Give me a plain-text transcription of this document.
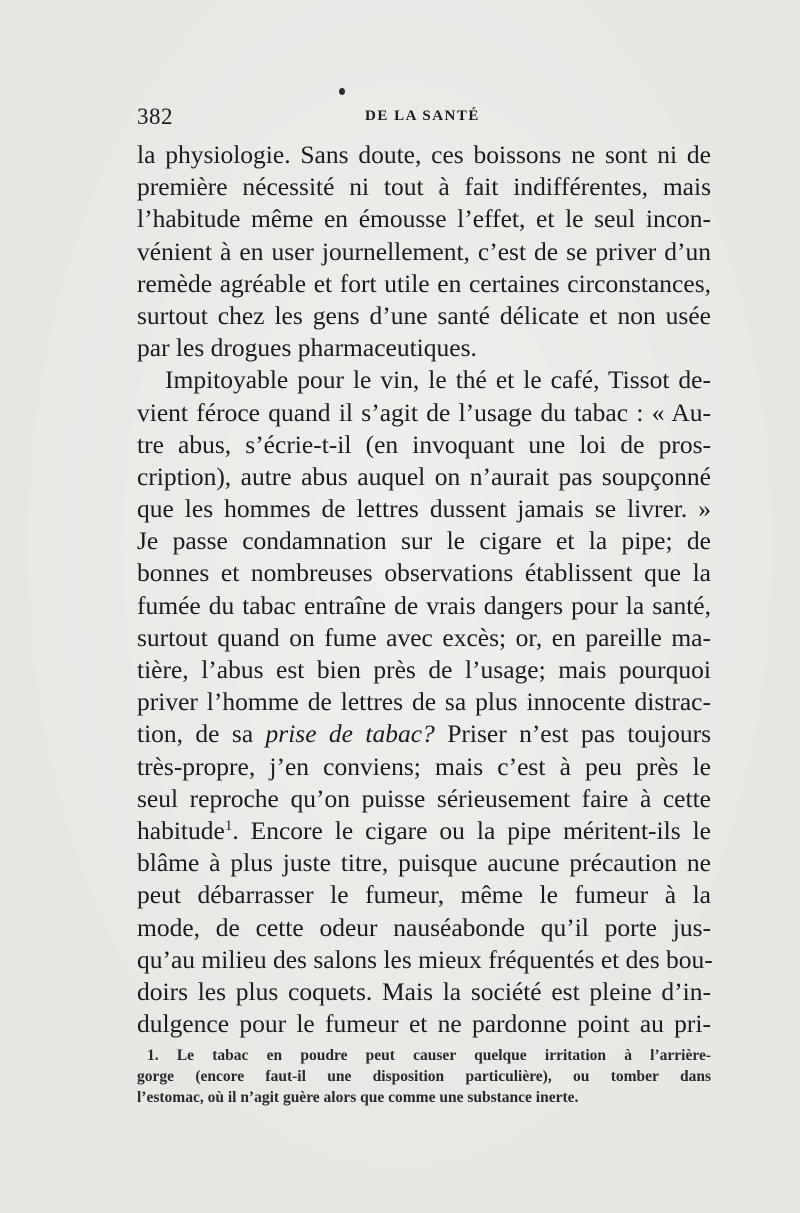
382	DE LA SANTÉ
la physiologie. Sans doute, ces boissons ne sont ni de
première nécessité ni tout à fait indifférentes, mais
l’habitude même en émousse l’effet, et le seul incon-
vénient à en user journellement, c’est de se priver d’un
remède agréable et fort utile en certaines circonstances,
surtout chez les gens d’une santé délicate et non usée
par les drogues pharmaceutiques.
Impitoyable pour le vin, le thé et le café, Tissot de-
vient féroce quand il s’agit de l’usage du tabac : « Au-
tre abus, s’écrie-t-il (en invoquant une loi de pros-
cription), autre abus auquel on n’aurait pas soupçonné
que les hommes de lettres dussent jamais se livrer. »
Je passe condamnation sur le cigare et la pipe; de
bonnes et nombreuses observations établissent que la
fumée du tabac entraîne de vrais dangers pour la santé,
surtout quand on fume avec excès; or, en pareille ma-
tière, l’abus est bien près de l’usage; mais pourquoi
priver l’homme de lettres de sa plus innocente distrac-
tion, de sa prise de tabac? Priser n’est pas toujours
très-propre, j’en conviens; mais c’est à peu près le
seul reproche qu’on puisse sérieusement faire à cette
habitude$^1$. Encore le cigare ou la pipe méritent-ils le
blâme à plus juste titre, puisque aucune précaution ne
peut débarrasser le fumeur, même le fumeur à la
mode, de cette odeur nauséabonde qu’il porte jus-
qu’au milieu des salons les mieux fréquentés et des bou-
doirs les plus coquets. Mais la société est pleine d’in-
dulgence pour le fumeur et ne pardonne point au pri-
1. Le tabac en poudre peut causer quelque irritation à l’arrière-
gorge (encore faut-il une disposition particulière), ou tomber dans
l’estomac, où il n’agit guère alors que comme une substance inerte.
